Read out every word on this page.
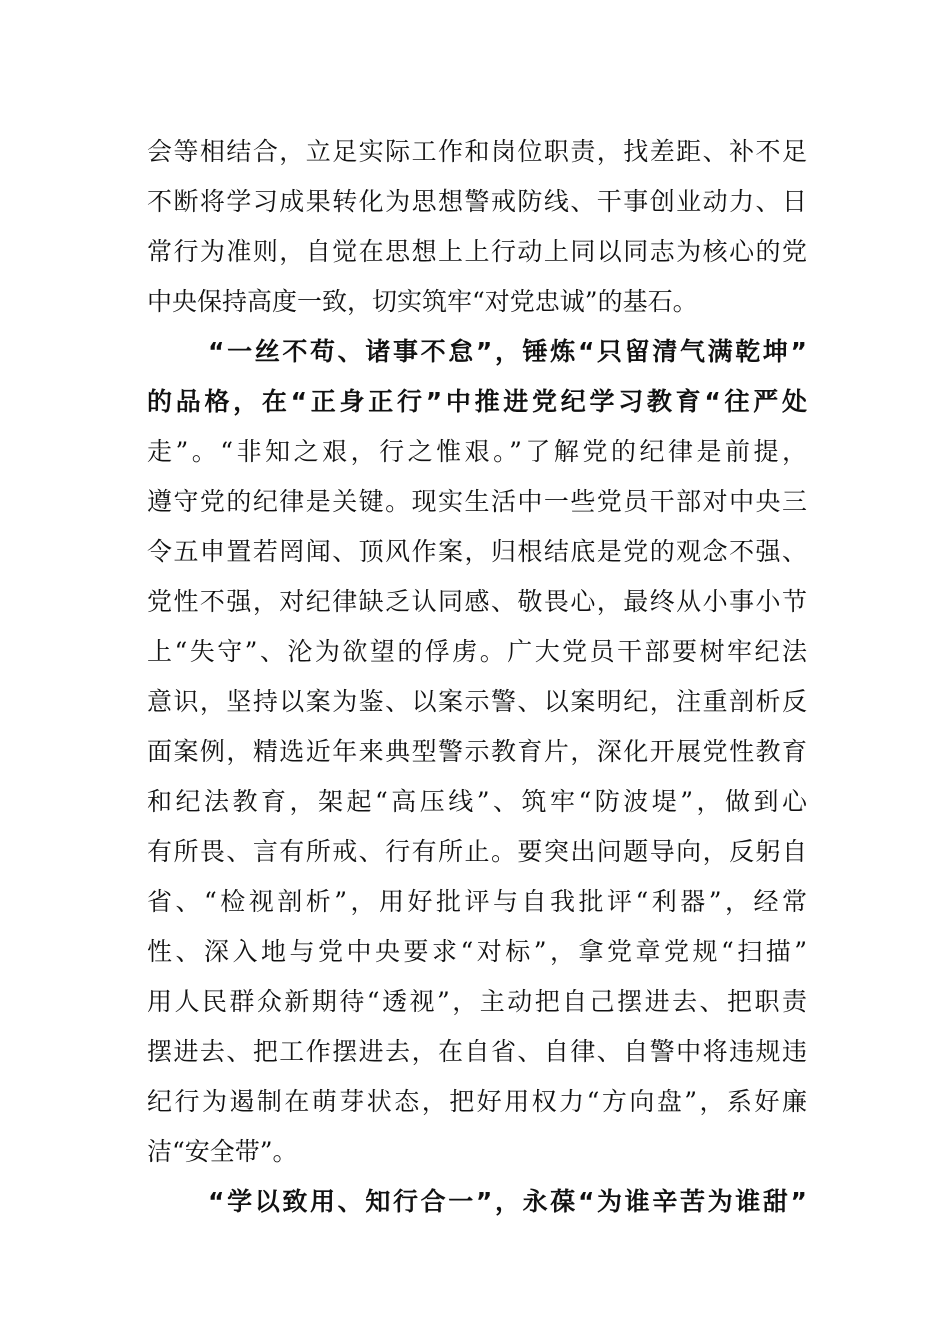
会等相结合，立足实际工作和岗位职责，找差距、补不足
不断将学习成果转化为思想警戒防线、干事创业动力、日
常行为准则，自觉在思想上上行动上同以同志为核心的党
中央保持高度一致，切实筑牢“对党忠诚”的基石。
“一丝不苟、诸事不怠”，锤炼“只留清气满乾坤”
的品格，在“正身正行”中推进党纪学习教育“往严处
走”。“非知之艰，行之惟艰。”了解党的纪律是前提，
遵守党的纪律是关键。现实生活中一些党员干部对中央三
令五申置若罔闻、顶风作案，归根结底是党的观念不强、
党性不强，对纪律缺乏认同感、敬畏心，最终从小事小节
上“失守”、沦为欲望的俘虏。广大党员干部要树牢纪法
意识，坚持以案为鉴、以案示警、以案明纪，注重剖析反
面案例，精选近年来典型警示教育片，深化开展党性教育
和纪法教育，架起“高压线”、筑牢“防波堤”，做到心
有所畏、言有所戒、行有所止。要突出问题导向，反躬自
省、“检视剖析”，用好批评与自我批评“利器”，经常
性、深入地与党中央要求“对标”，拿党章党规“扫描”
用人民群众新期待“透视”，主动把自己摆进去、把职责
摆进去、把工作摆进去，在自省、自律、自警中将违规违
纪行为遏制在萌芽状态，把好用权力“方向盘”，系好廉
洁“安全带”。
“学以致用、知行合一”，永葆“为谁辛苦为谁甜”
